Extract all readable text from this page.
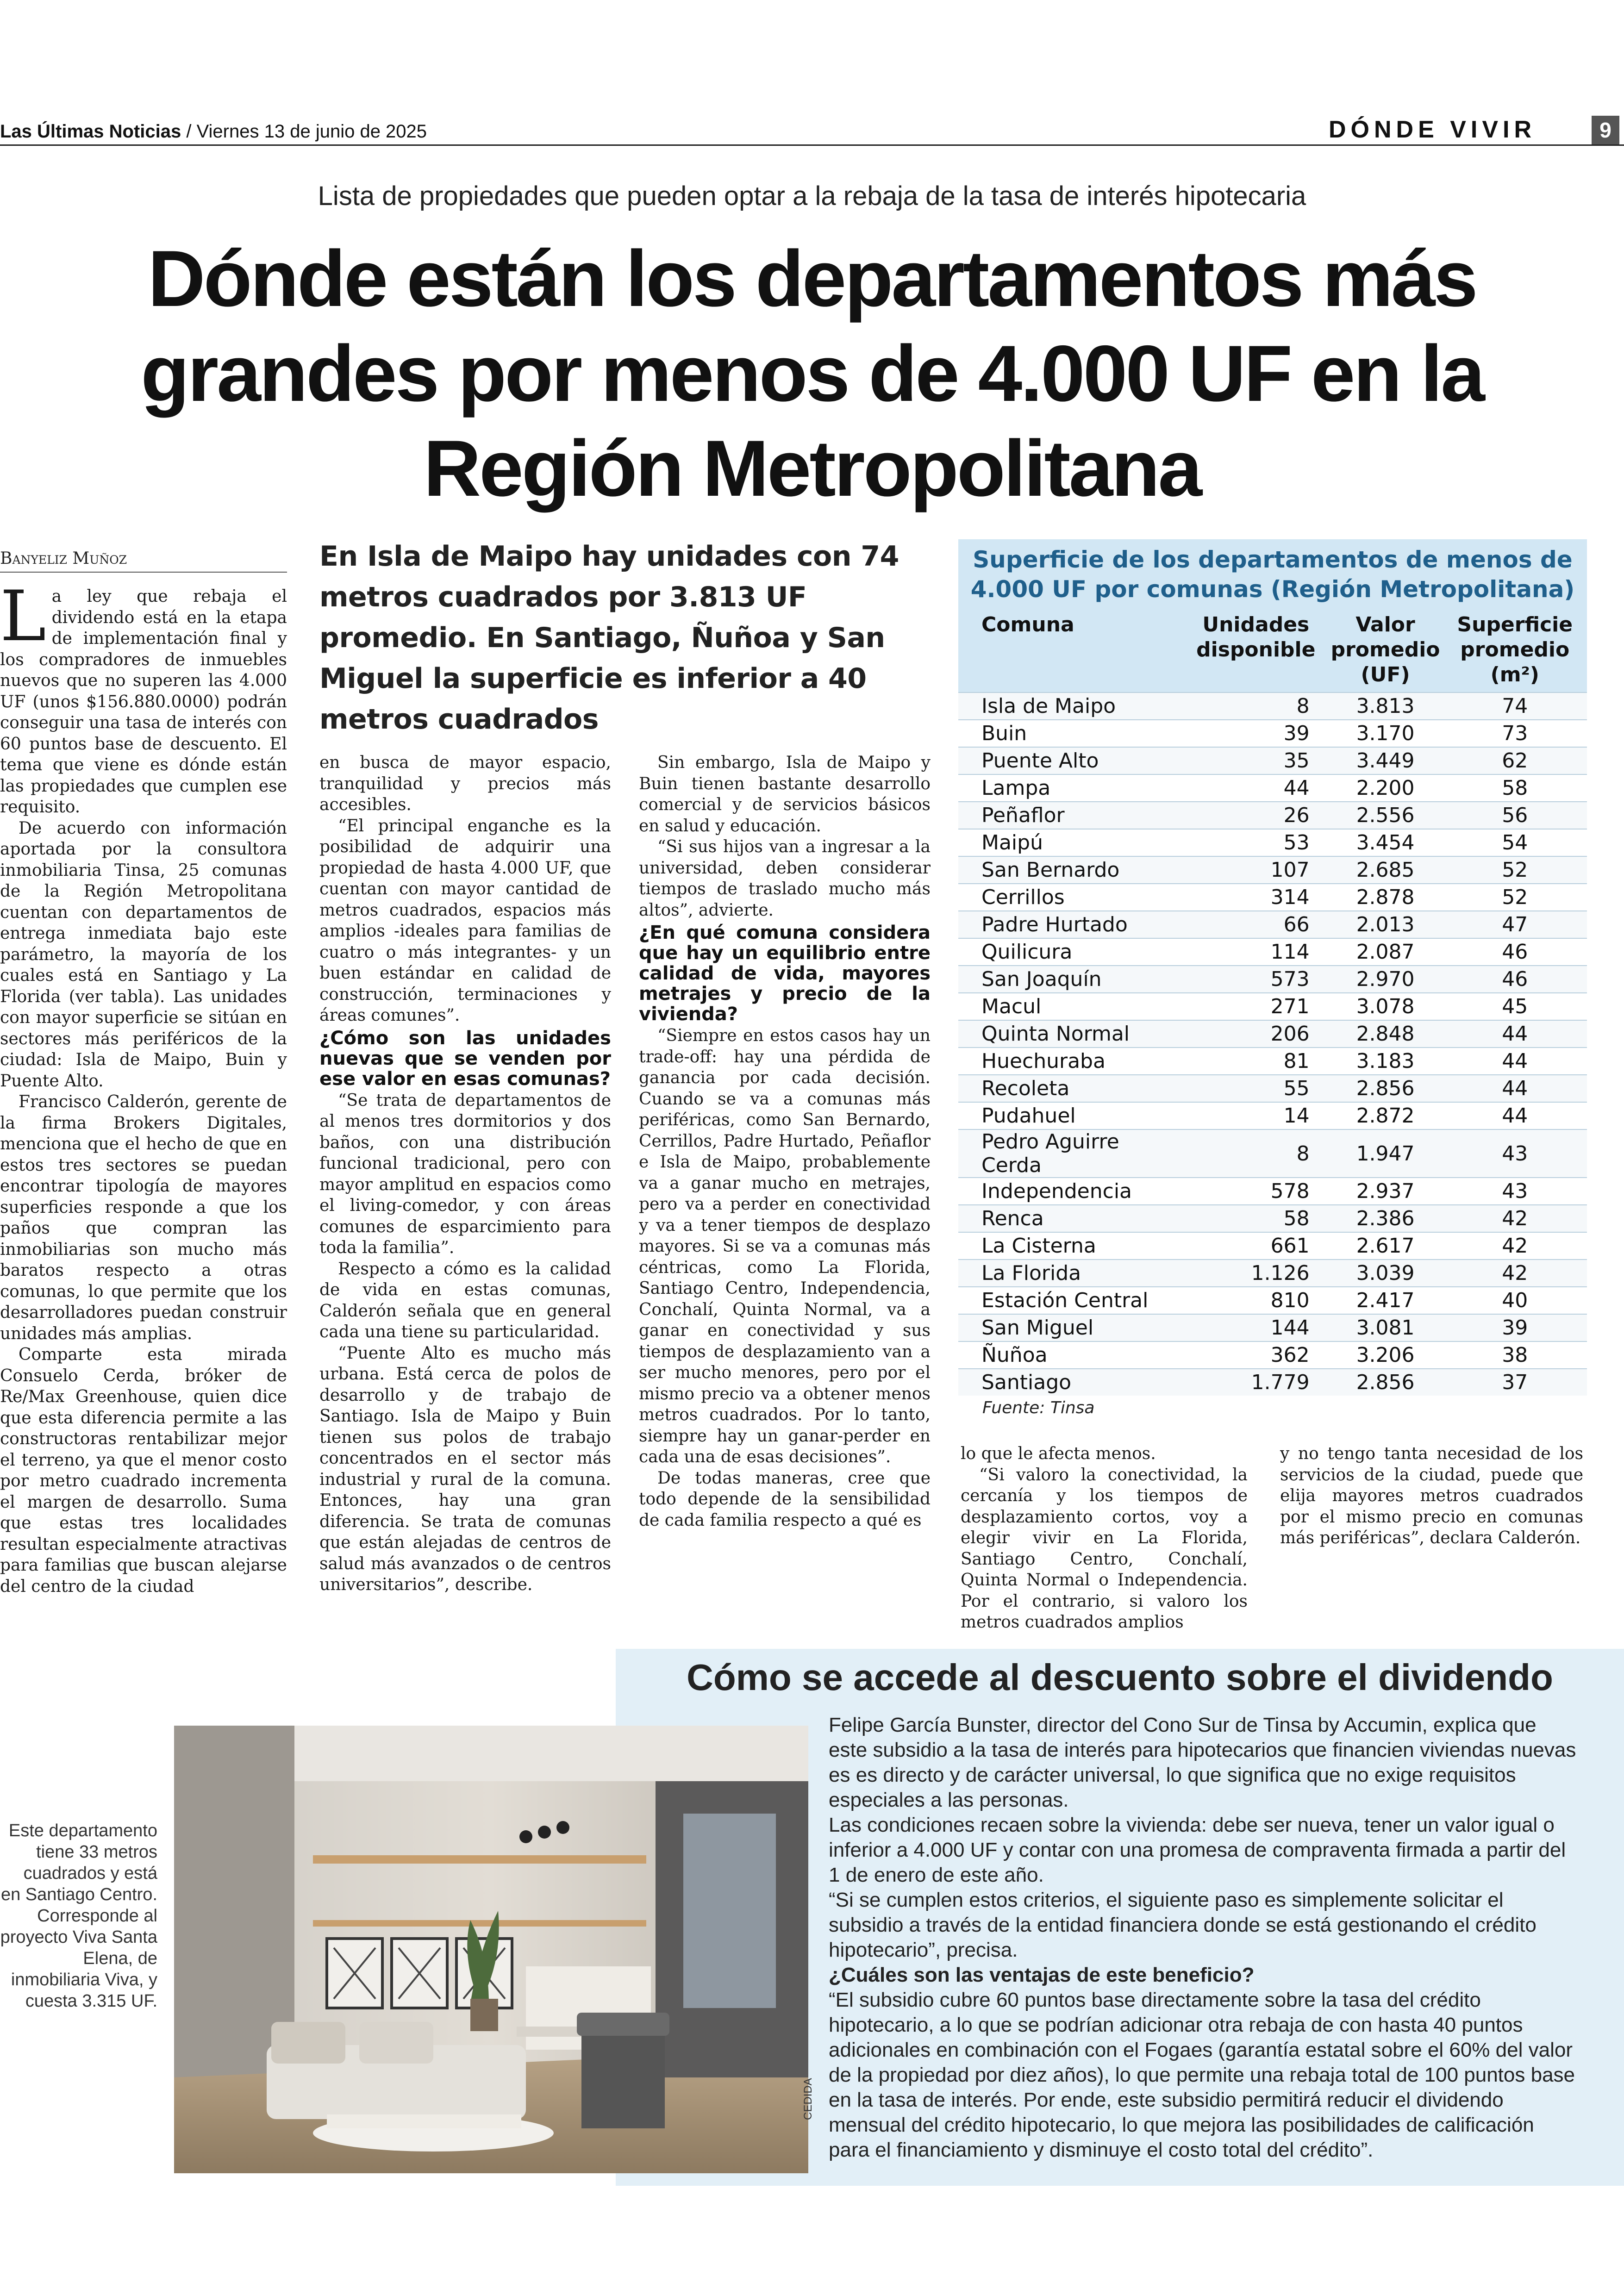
Las Últimas Noticias / Viernes 13 de junio de 2025	DÓNDE VIVIR	9
Lista de propiedades que pueden optar a la rebaja de la tasa de interés hipotecaria
Dónde están los departamentos más grandes por menos de 4.000 UF en la Región Metropolitana
Banyeliz Muñoz	En Isla de Maipo hay unidades con 74 metros cuadrados por 3.813 UF promedio. En Santiago, Ñuñoa y San Miguel la superficie es inferior a 40 metros cuadrados

La ley que rebaja el dividendo está en la etapa de implementación final y los compradores de inmuebles nuevos que no superen las 4.000 UF (unos $156.880.0000) podrán conseguir una tasa de interés con 60 puntos base de descuento. El tema que viene es dónde están las propiedades que cumplen ese requisito.

De acuerdo con información aportada por la consultora inmobiliaria Tinsa, 25 comunas de la Región Metropolitana cuentan con departamentos de entrega inmediata bajo este parámetro, la mayoría de los cuales está en Santiago y La Florida (ver tabla). Las unidades con mayor superficie se sitúan en sectores más periféricos de la ciudad: Isla de Maipo, Buin y Puente Alto.

Francisco Calderón, gerente de la firma Brokers Digitales, menciona que el hecho de que en estos tres sectores se puedan encontrar tipología de mayores superficies responde a que los paños que compran las inmobiliarias son mucho más baratos respecto a otras comunas, lo que permite que los desarrolladores puedan construir unidades más amplias.

Comparte esta mirada Consuelo Cerda, bróker de Re/Max Greenhouse, quien dice que esta diferencia permite a las constructoras rentabilizar mejor el terreno, ya que el menor costo por metro cuadrado incrementa el margen de desarrollo. Suma que estas tres localidades resultan especialmente atractivas para familias que buscan alejarse del centro de la ciudad

en busca de mayor espacio, tranquilidad y precios más accesibles.

“El principal enganche es la posibilidad de adquirir una propiedad de hasta 4.000 UF, que cuentan con mayor cantidad de metros cuadrados, espacios más amplios -ideales para familias de cuatro o más integrantes- y un buen estándar en calidad de construcción, terminaciones y áreas comunes”.

¿Cómo son las unidades nuevas que se venden por ese valor en esas comunas?

“Se trata de departamentos de al menos tres dormitorios y dos baños, con una distribución funcional tradicional, pero con mayor amplitud en espacios como el living-comedor, y con áreas comunes de esparcimiento para toda la familia”.

Respecto a cómo es la calidad de vida en estas comunas, Calderón señala que en general cada una tiene su particularidad.

“Puente Alto es mucho más urbana. Está cerca de polos de desarrollo y de trabajo de Santiago. Isla de Maipo y Buin tienen sus polos de trabajo concentrados en el sector más industrial y rural de la comuna. Entonces, hay una gran diferencia. Se trata de comunas que están alejadas de centros de salud más avanzados o de centros universitarios”, describe.

Sin embargo, Isla de Maipo y Buin tienen bastante desarrollo comercial y de servicios básicos en salud y educación.

“Si sus hijos van a ingresar a la universidad, deben considerar tiempos de traslado mucho más altos”, advierte.

¿En qué comuna considera que hay un equilibrio entre calidad de vida, mayores metrajes y precio de la vivienda?

“Siempre en estos casos hay un trade-off: hay una pérdida de ganancia por cada decisión. Cuando se va a comunas más periféricas, como San Bernardo, Cerrillos, Padre Hurtado, Peñaflor e Isla de Maipo, probablemente va a ganar mucho en metrajes, pero va a perder en conectividad y va a tener tiempos de desplazo mayores. Si se va a comunas más céntricas, como La Florida, Santiago Centro, Independencia, Conchalí, Quinta Normal, va a ganar en conectividad y sus tiempos de desplazamiento van a ser mucho menores, pero por el mismo precio va a obtener menos metros cuadrados. Por lo tanto, siempre hay un ganar-perder en cada una de esas decisiones”.

De todas maneras, cree que todo depende de la sensibilidad de cada familia respecto a qué es

lo que le afecta menos.

“Si valoro la conectividad, la cercanía y los tiempos de desplazamiento cortos, voy a elegir vivir en La Florida, Santiago Centro, Conchalí, Quinta Normal o Independencia. Por el contrario, si valoro los metros cuadrados amplios

y no tengo tanta necesidad de los servicios de la ciudad, puede que elija mayores metros cuadrados por el mismo precio en comunas más periféricas”, declara Calderón.

Superficie de los departamentos de menos de 4.000 UF por comunas (Región Metropolitana)
Comuna	Unidades disponible	Valor promedio (UF)	Superficie promedio (m²)
Isla de Maipo	8	3.813	74
Buin	39	3.170	73
Puente Alto	35	3.449	62
Lampa	44	2.200	58
Peñaflor	26	2.556	56
Maipú	53	3.454	54
San Bernardo	107	2.685	52
Cerrillos	314	2.878	52
Padre Hurtado	66	2.013	47
Quilicura	114	2.087	46
San Joaquín	573	2.970	46
Macul	271	3.078	45
Quinta Normal	206	2.848	44
Huechuraba	81	3.183	44
Recoleta	55	2.856	44
Pudahuel	14	2.872	44
Pedro Aguirre Cerda	8	1.947	43
Independencia	578	2.937	43
Renca	58	2.386	42
La Cisterna	661	2.617	42
La Florida	1.126	3.039	42
Estación Central	810	2.417	40
San Miguel	144	3.081	39
Ñuñoa	362	3.206	38
Santiago	1.779	2.856	37
Fuente: Tinsa
Cómo se accede al descuento sobre el dividendo

Felipe García Bunster, director del Cono Sur de Tinsa by Accumin, explica que este subsidio a la tasa de interés para hipotecarios que financien viviendas nuevas es es directo y de carácter universal, lo que significa que no exige requisitos especiales a las personas.

Las condiciones recaen sobre la vivienda: debe ser nueva, tener un valor igual o inferior a 4.000 UF y contar con una promesa de compraventa firmada a partir del 1 de enero de este año.

“Si se cumplen estos criterios, el siguiente paso es simplemente solicitar el subsidio a través de la entidad financiera donde se está gestionando el crédito hipotecario”, precisa.

¿Cuáles son las ventajas de este beneficio?

“El subsidio cubre 60 puntos base directamente sobre la tasa del crédito hipotecario, a lo que se podrían adicionar otra rebaja de con hasta 40 puntos adicionales en combinación con el Fogaes (garantía estatal sobre el 60% del valor de la propiedad por diez años), lo que permite una rebaja total de 100 puntos base en la tasa de interés. Por ende, este subsidio permitirá reducir el dividendo mensual del crédito hipotecario, lo que mejora las posibilidades de calificación para el financiamiento y disminuye el costo total del crédito”.

CEDIDA
Este departamento tiene 33 metros cuadrados y está en Santiago Centro. Corresponde al proyecto Viva Santa Elena, de inmobiliaria Viva, y cuesta 3.315 UF.
